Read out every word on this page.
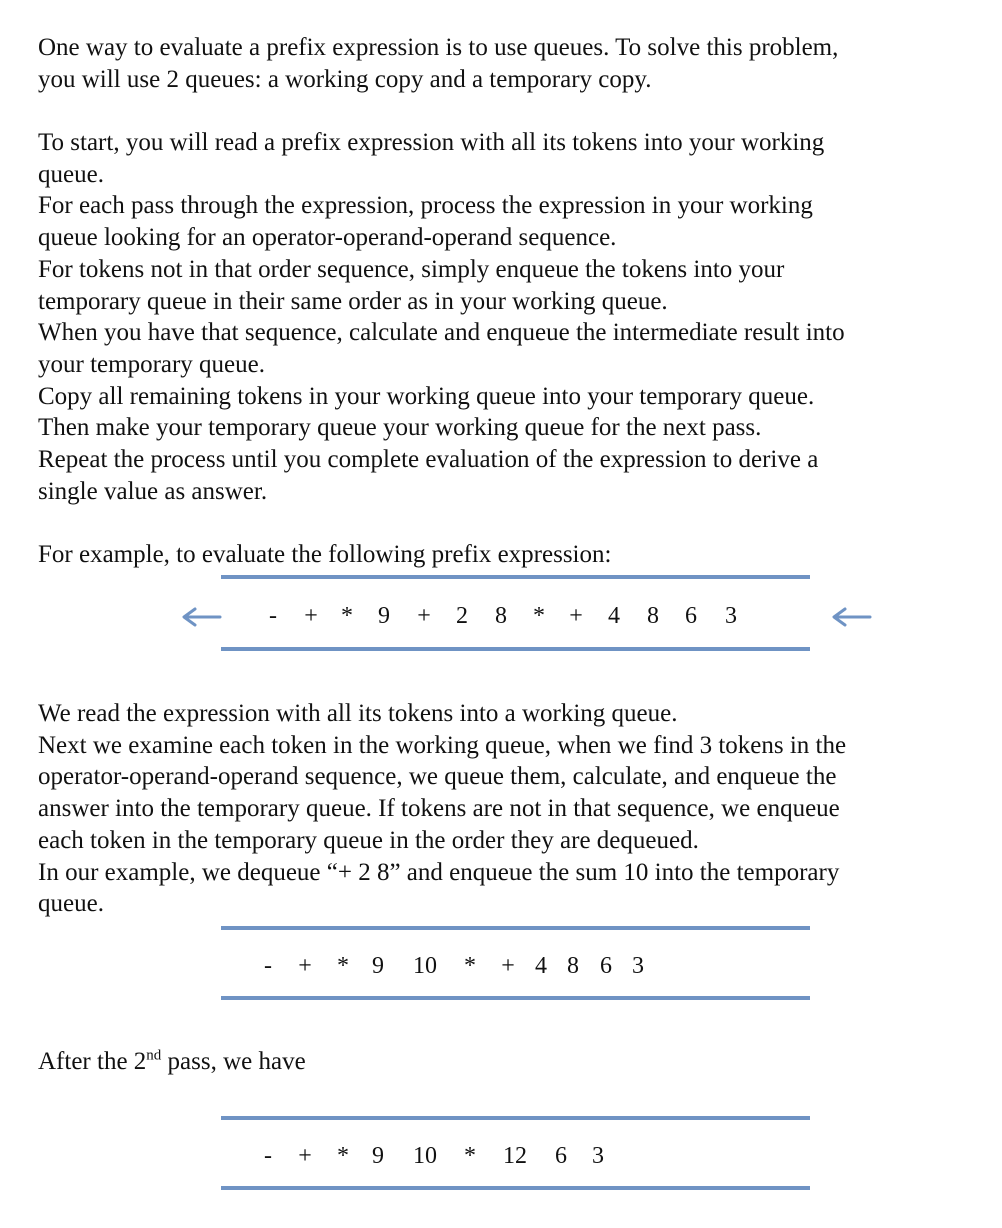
One way to evaluate a prefix expression is to use queues. To solve this problem,
you will use 2 queues: a working copy and a temporary copy.
To start, you will read a prefix expression with all its tokens into your working
queue.
For each pass through the expression, process the expression in your working
queue looking for an operator-operand-operand sequence.
For tokens not in that order sequence, simply enqueue the tokens into your
temporary queue in their same order as in your working queue.
When you have that sequence, calculate and enqueue the intermediate result into
your temporary queue.
Copy all remaining tokens in your working queue into your temporary queue.
Then make your temporary queue your working queue for the next pass.
Repeat the process until you complete evaluation of the expression to derive a
single value as answer.
For example, to evaluate the following prefix expression:
- + * 9 + 2 8 * + 4 8 6 3
We read the expression with all its tokens into a working queue.
Next we examine each token in the working queue, when we find 3 tokens in the
operator-operand-operand sequence, we queue them, calculate, and enqueue the
answer into the temporary queue. If tokens are not in that sequence, we enqueue
each token in the temporary queue in the order they are dequeued.
In our example, we dequeue “+ 2 8” and enqueue the sum 10 into the temporary
queue.
- + * 9 10 * + 4 8 6 3
After the 2nd pass, we have
- + * 9 10 * 12 6 3
